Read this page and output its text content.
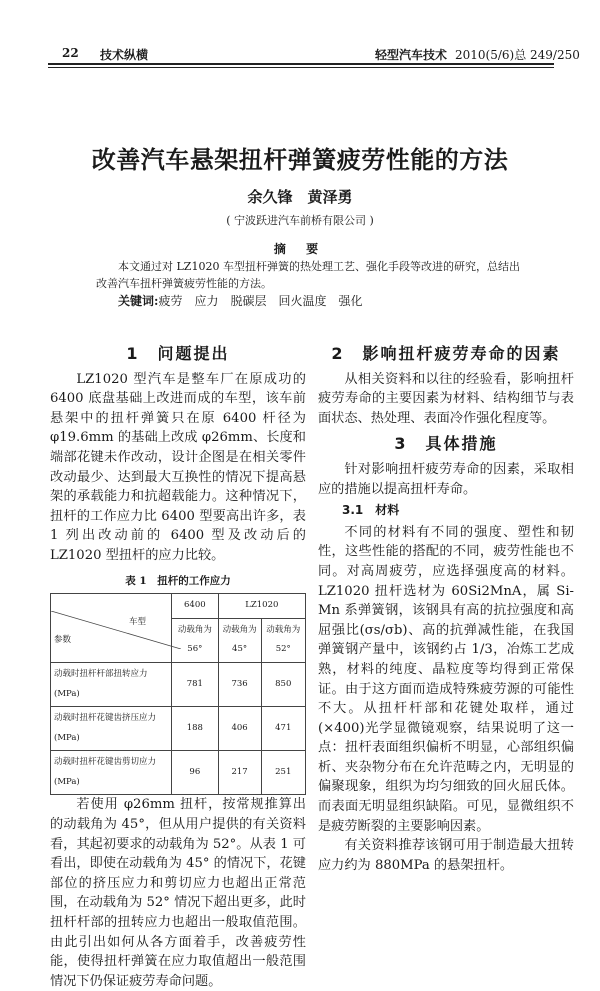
22 技术纵横	轻型汽车技术 2010(5/6)总 249/250
改善汽车悬架扭杆弹簧疲劳性能的方法
余久锋　黄泽勇
( 宁波跃进汽车前桥有限公司 )
摘 要
本文通过对 LZ1020 车型扭杆弹簧的热处理工艺、强化手段等改进的研究，总结出改善汽车扭杆弹簧疲劳性能的方法。
关键词:疲劳 应力 脱碳层 回火温度 强化
1　问题提出

LZ1020 型汽车是整车厂在原成功的 6400 底盘基础上改进而成的车型，该车前悬架中的扭杆弹簧只在原 6400 杆径为 φ19.6mm 的基础上改成 φ26mm、长度和端部花键未作改动，设计企图是在相关零件改动最少、达到最大互换性的情况下提高悬架的承载能力和抗超载能力。这种情况下，扭杆的工作应力比 6400 型要高出许多，表 1 列出改动前的 6400 型及改动后的 LZ1020 型扭杆的应力比较。

表 1　扭杆的工作应力
车型
参数	6400	LZ1020	
	动载角为 56°	动载角为45°	动载角为 52°
动载时扭杆杆部扭转应力(MPa)	781	736	850
动载时扭杆花键齿挤压应力(MPa)	188	406	471
动载时扭杆花键齿剪切应力(MPa)	96	217	251

若使用 φ26mm 扭杆，按常规推算出的动载角为 45°，但从用户提供的有关资料看，其起初要求的动载角为 52°。从表 1 可看出，即使在动载角为 45° 的情况下，花键部位的挤压应力和剪切应力也超出正常范围，在动载角为 52° 情况下超出更多，此时扭杆杆部的扭转应力也超出一般取值范围。由此引出如何从各方面着手，改善疲劳性能，使得扭杆弹簧在应力取值超出一般范围情况下仍保证疲劳寿命问题。

2　影响扭杆疲劳寿命的因素

从相关资料和以往的经验看，影响扭杆疲劳寿命的主要因素为材料、结构细节与表面状态、热处理、表面冷作强化程度等。

3　具体措施

针对影响扭杆疲劳寿命的因素，采取相应的措施以提高扭杆寿命。

3.1　材料

不同的材料有不同的强度、塑性和韧性，这些性能的搭配的不同，疲劳性能也不同。对高周疲劳，应选择强度高的材料。LZ1020 扭杆选材为 60Si2MnA，属 Si-Mn 系弹簧钢，该钢具有高的抗拉强度和高屈强比(σs/σb)、高的抗弹减性能，在我国弹簧钢产量中，该钢约占 1/3，冶炼工艺成熟，材料的纯度、晶粒度等均得到正常保证。由于这方面而造成特殊疲劳源的可能性不大。从扭杆杆部和花键处取样，通过(×400)光学显微镜观察，结果说明了这一点：扭杆表面组织偏析不明显，心部组织偏析、夹杂物分布在允许范畴之内，无明显的偏聚现象，组织为均匀细致的回火屈氏体。而表面无明显组织缺陷。可见，显微组织不是疲劳断裂的主要影响因素。

有关资料推荐该钢可用于制造最大扭转应力约为 880MPa 的悬架扭杆。
